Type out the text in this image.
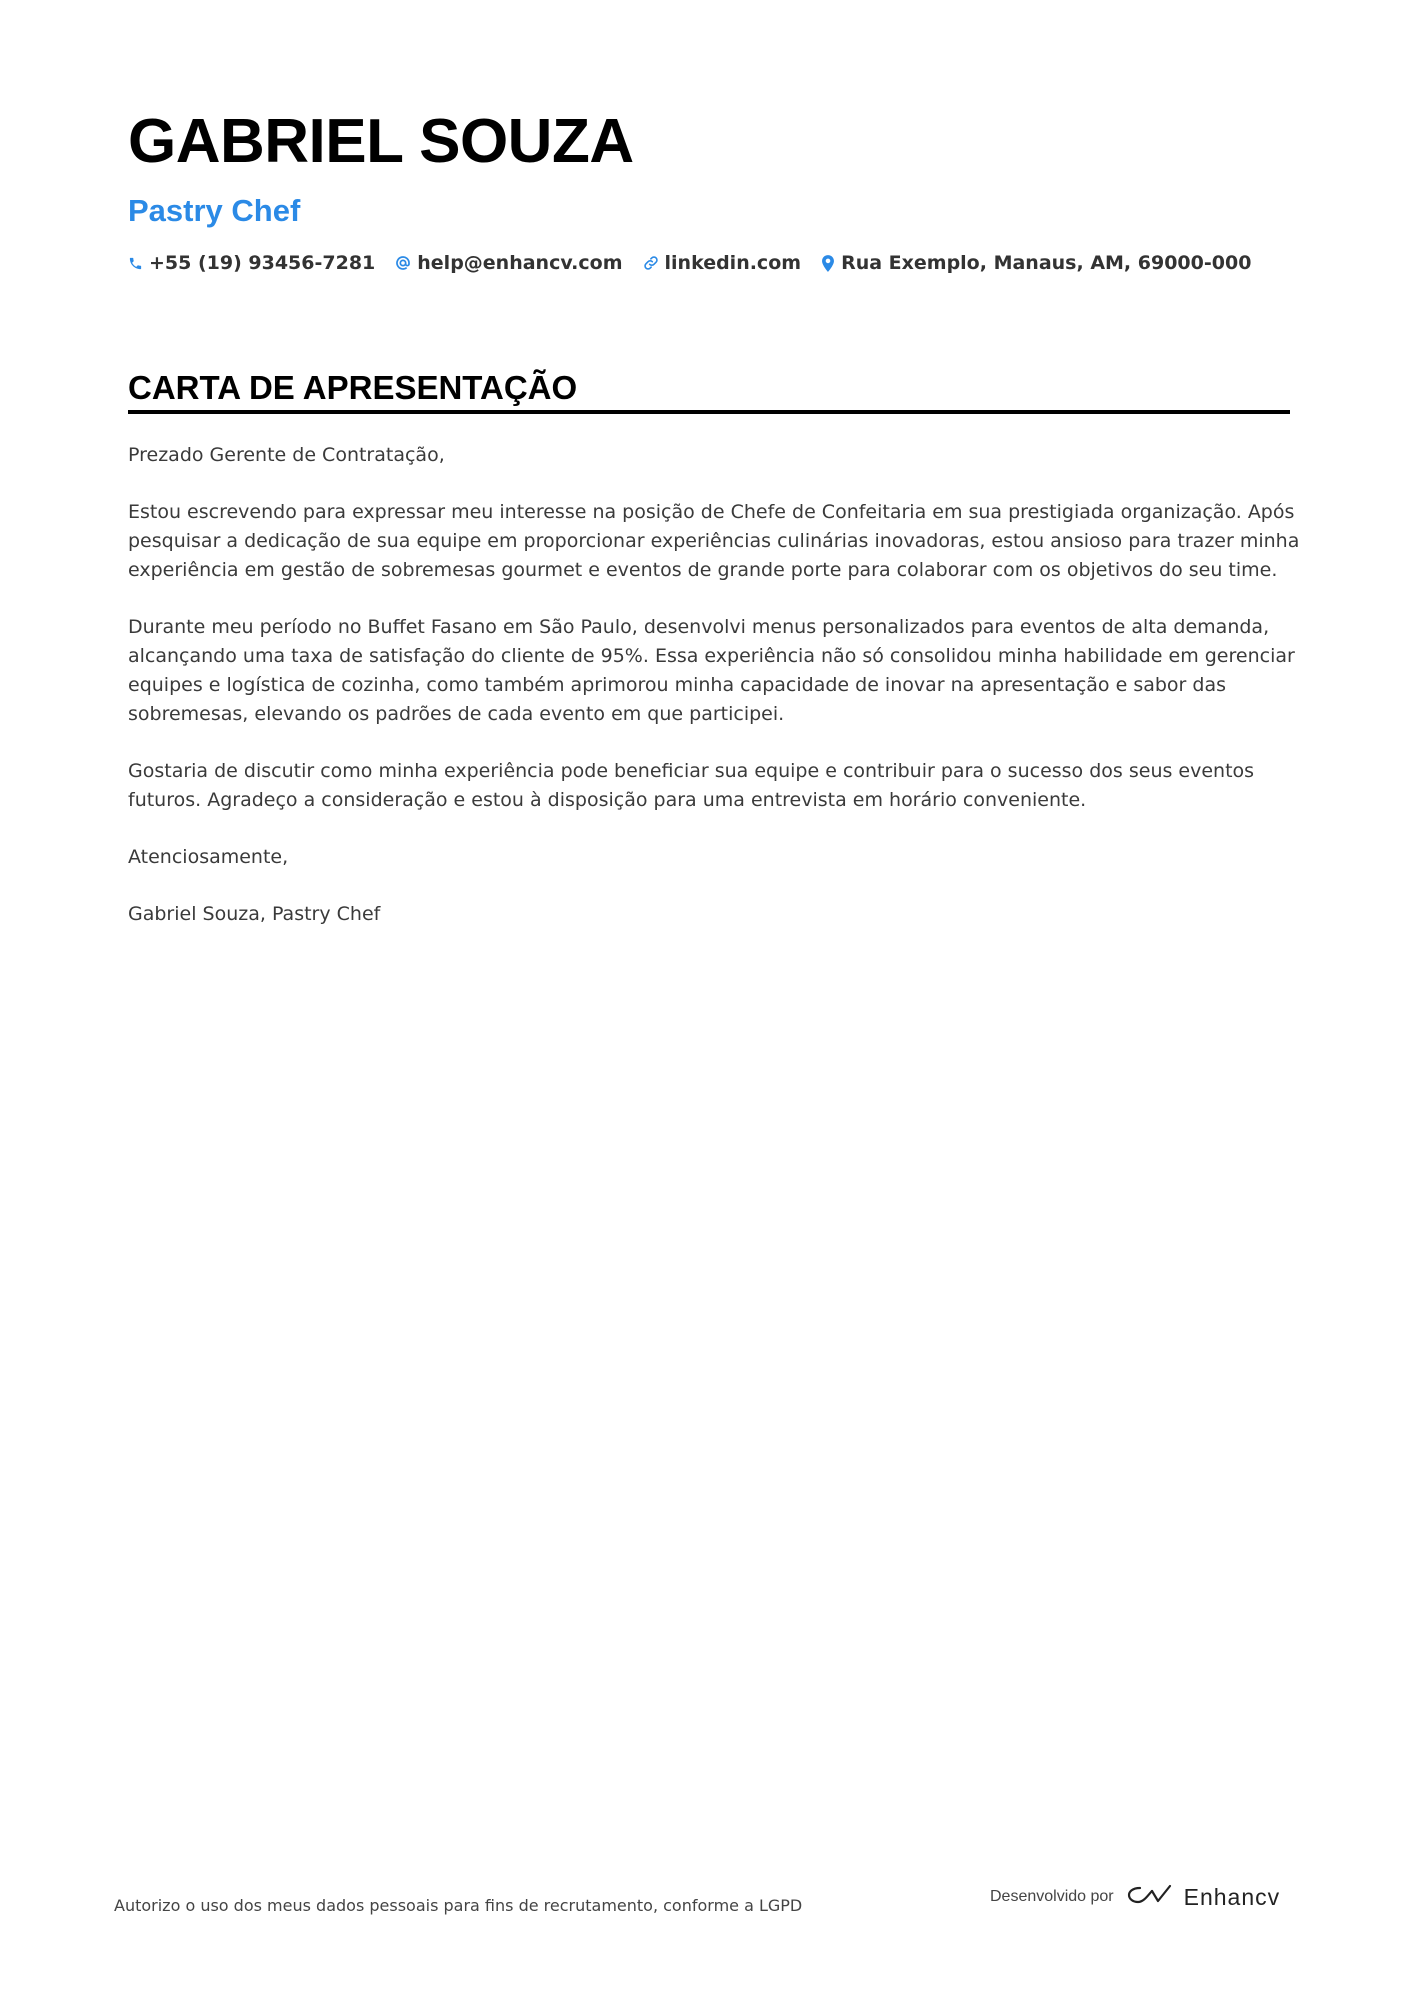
GABRIEL SOUZA
Pastry Chef
+55 (19) 93456-7281 help@enhancv.com linkedin.com Rua Exemplo, Manaus, AM, 69000-000
CARTA DE APRESENTAÇÃO

Prezado Gerente de Contratação,

Estou escrevendo para expressar meu interesse na posição de Chefe de Confeitaria em sua prestigiada organização. Após pesquisar a dedicação de sua equipe em proporcionar experiências culinárias inovadoras, estou ansioso para trazer minha experiência em gestão de sobremesas gourmet e eventos de grande porte para colaborar com os objetivos do seu time.

Durante meu período no Buffet Fasano em São Paulo, desenvolvi menus personalizados para eventos de alta demanda, alcançando uma taxa de satisfação do cliente de 95%. Essa experiência não só consolidou minha habilidade em gerenciar equipes e logística de cozinha, como também aprimorou minha capacidade de inovar na apresentação e sabor das sobremesas, elevando os padrões de cada evento em que participei.

Gostaria de discutir como minha experiência pode beneficiar sua equipe e contribuir para o sucesso dos seus eventos futuros. Agradeço a consideração e estou à disposição para uma entrevista em horário conveniente.

Atenciosamente,

Gabriel Souza, Pastry Chef

Autorizo o uso dos meus dados pessoais para fins de recrutamento, conforme a LGPD	Desenvolvido por	Enhancv
